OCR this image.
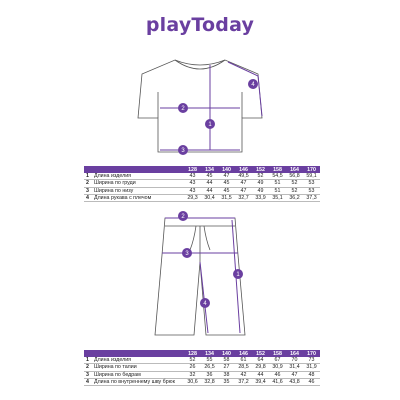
playToday
1
2
3
4
1
2
3
4
		128	134	140	146	152	158	164	170
1	Длина изделия	43	45	47	49,5	52	54,5	56,8	59,1
2	Ширина по груди	43	44	45	47	49	51	52	53
3	Ширина по низу	43	44	45	47	49	51	52	53
4	Длина рукава с плечом	29,3	30,4	31,5	32,7	33,9	35,1	36,2	37,3
		128	134	140	146	152	158	164	170
1	Длина изделия	52	55	58	61	64	67	70	73
2	Ширина по талии	26	26,5	27	28,5	29,8	30,9	31,4	31,9
3	Ширина по бедрам	32	36	38	42	44	46	47	48
4	Длина по внутреннему шву брюк	30,6	32,8	35	37,2	39,4	41,6	43,8	46
